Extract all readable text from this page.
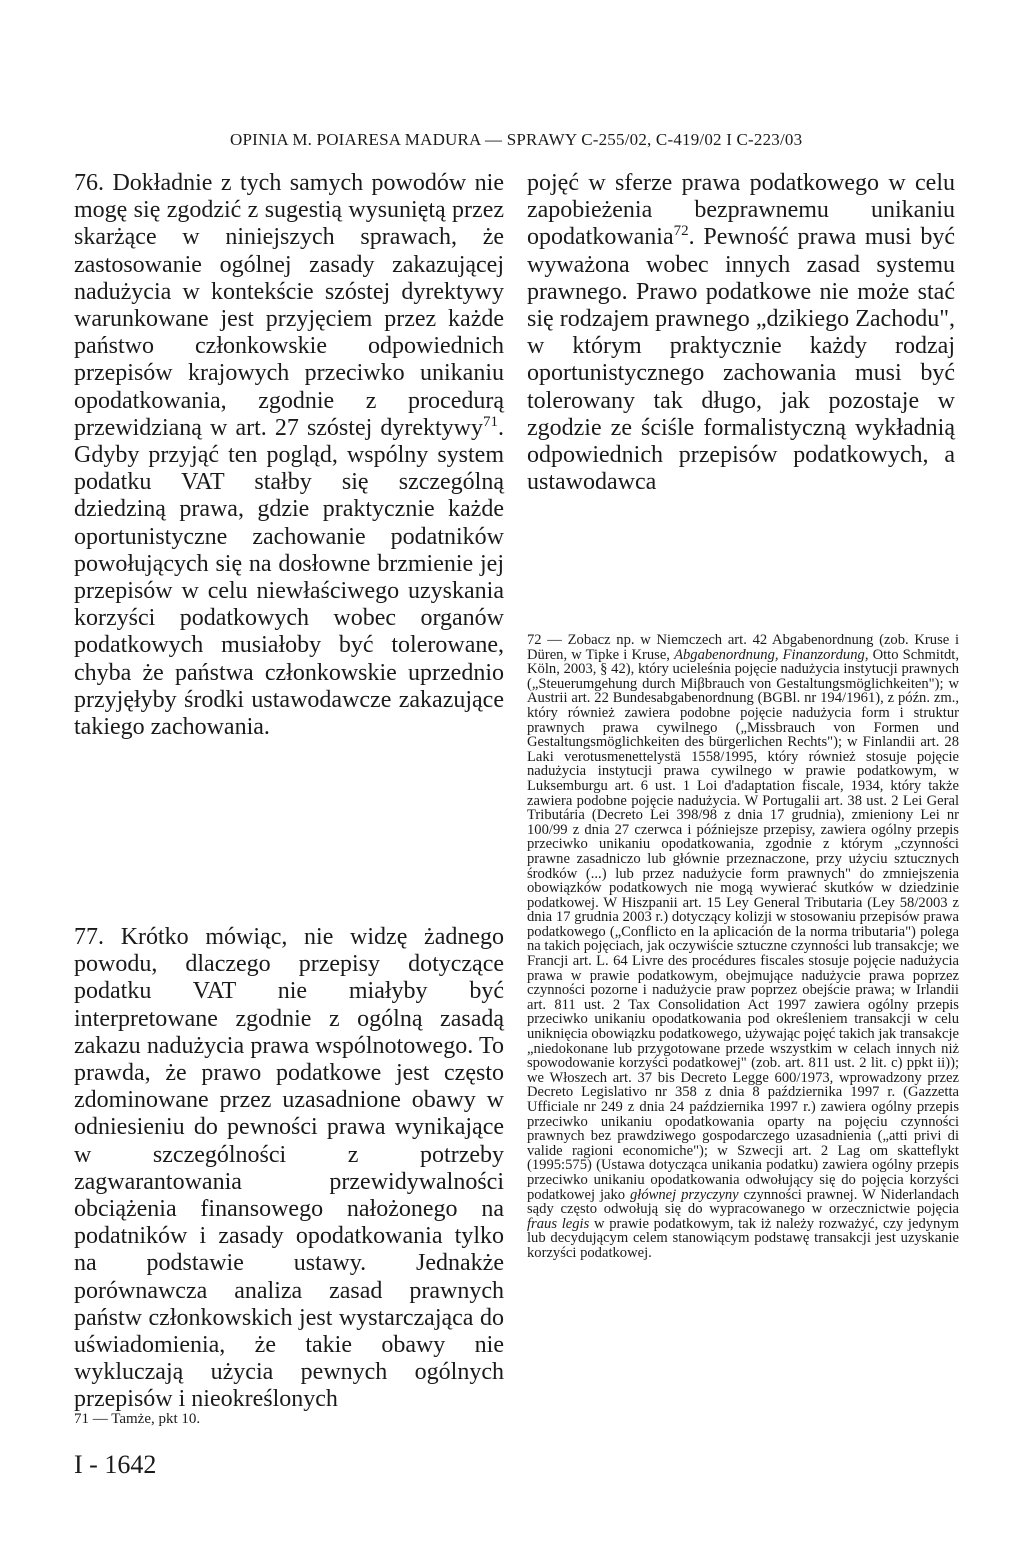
OPINIA M. POIARESA MADURA — SPRAWY C-255/02, C-419/02 I C-223/03

76. Dokładnie z tych samych powodów nie mogę się zgodzić z sugestią wysuniętą przez skarżące w niniejszych sprawach, że zastosowanie ogólnej zasady zakazującej nadużycia w kontekście szóstej dyrektywy warunkowane jest przyjęciem przez każde państwo członkowskie odpowiednich przepisów krajowych przeciwko unikaniu opodatkowania, zgodnie z procedurą przewidzianą w art. 27 szóstej dyrektywy$^{71}$. Gdyby przyjąć ten pogląd, wspólny system podatku VAT stałby się szczególną dziedziną prawa, gdzie praktycznie każde oportunistyczne zachowanie podatników powołujących się na dosłowne brzmienie jej przepisów w celu niewłaściwego uzyskania korzyści podatkowych wobec organów podatkowych musiałoby być tolerowane, chyba że państwa członkowskie uprzednio przyjęłyby środki ustawodawcze zakazujące takiego zachowania.

77. Krótko mówiąc, nie widzę żadnego powodu, dlaczego przepisy dotyczące podatku VAT nie miałyby być interpretowane zgodnie z ogólną zasadą zakazu nadużycia prawa wspólnotowego. To prawda, że prawo podatkowe jest często zdominowane przez uzasadnione obawy w odniesieniu do pewności prawa wynikające w szczególności z potrzeby zagwarantowania przewidywalności obciążenia finansowego nałożonego na podatników i zasady opodatkowania tylko na podstawie ustawy. Jednakże porównawcza analiza zasad prawnych państw członkowskich jest wystarczająca do uświadomienia, że takie obawy nie wykluczają użycia pewnych ogólnych przepisów i nieokreślonych

pojęć w sferze prawa podatkowego w celu zapobieżenia bezprawnemu unikaniu opodatkowania$^{72}$. Pewność prawa musi być wyważona wobec innych zasad systemu prawnego. Prawo podatkowe nie może stać się rodzajem prawnego „dzikiego Zachodu", w którym praktycznie każdy rodzaj oportunistycznego zachowania musi być tolerowany tak długo, jak pozostaje w zgodzie ze ściśle formalistyczną wykładnią odpowiednich przepisów podatkowych, a ustawodawca

72 — Zobacz np. w Niemczech art. 42 Abgabenordnung (zob. Kruse i Düren, w Tipke i Kruse, Abgabenordnung, Finanzordung, Otto Schmitdt, Köln, 2003, § 42), który ucieleśnia pojęcie nadużycia instytucji prawnych („Steuerumgehung durch Miβbrauch von Gestaltungsmöglichkeiten"); w Austrii art. 22 Bundesabgabenordnung (BGBl. nr 194/1961), z późn. zm., który również zawiera podobne pojęcie nadużycia form i struktur prawnych prawa cywilnego („Missbrauch von Formen und Gestaltungsmöglichkeiten des bürgerlichen Rechts"); w Finlandii art. 28 Laki verotusmenettelystä 1558/1995, który również stosuje pojęcie nadużycia instytucji prawa cywilnego w prawie podatkowym, w Luksemburgu art. 6 ust. 1 Loi d'adaptation fiscale, 1934, który także zawiera podobne pojęcie nadużycia. W Portugalii art. 38 ust. 2 Lei Geral Tributária (Decreto Lei 398/98 z dnia 17 grudnia), zmieniony Lei nr 100/99 z dnia 27 czerwca i późniejsze przepisy, zawiera ogólny przepis przeciwko unikaniu opodatkowania, zgodnie z którym „czynności prawne zasadniczo lub głównie przeznaczone, przy użyciu sztucznych środków (...) lub przez nadużycie form prawnych" do zmniejszenia obowiązków podatkowych nie mogą wywierać skutków w dziedzinie podatkowej. W Hiszpanii art. 15 Ley General Tributaria (Ley 58/2003 z dnia 17 grudnia 2003 r.) dotyczący kolizji w stosowaniu przepisów prawa podatkowego („Conflicto en la aplicación de la norma tributaria") polega na takich pojęciach, jak oczywiście sztuczne czynności lub transakcje; we Francji art. L. 64 Livre des procédures fiscales stosuje pojęcie nadużycia prawa w prawie podatkowym, obejmujące nadużycie prawa poprzez czynności pozorne i nadużycie praw poprzez obejście prawa; w Irlandii art. 811 ust. 2 Tax Consolidation Act 1997 zawiera ogólny przepis przeciwko unikaniu opodatkowania pod określeniem transakcji w celu uniknięcia obowiązku podatkowego, używając pojęć takich jak transakcje „niedokonane lub przygotowane przede wszystkim w celach innych niż spowodowanie korzyści podatkowej" (zob. art. 811 ust. 2 lit. c) ppkt ii)); we Włoszech art. 37 bis Decreto Legge 600/1973, wprowadzony przez Decreto Legislativo nr 358 z dnia 8 października 1997 r. (Gazzetta Ufficiale nr 249 z dnia 24 października 1997 r.) zawiera ogólny przepis przeciwko unikaniu opodatkowania oparty na pojęciu czynności prawnych bez prawdziwego gospodarczego uzasadnienia („atti privi di valide ragioni economiche"); w Szwecji art. 2 Lag om skatteflykt (1995:575) (Ustawa dotycząca unikania podatku) zawiera ogólny przepis przeciwko unikaniu opodatkowania odwołujący się do pojęcia korzyści podatkowej jako głównej przyczyny czynności prawnej. W Niderlandach sądy często odwołują się do wypracowanego w orzecznictwie pojęcia fraus legis w prawie podatkowym, tak iż należy rozważyć, czy jedynym lub decydującym celem stanowiącym podstawę transakcji jest uzyskanie korzyści podatkowej.
71 — Tamże, pkt 10.
I - 1642
